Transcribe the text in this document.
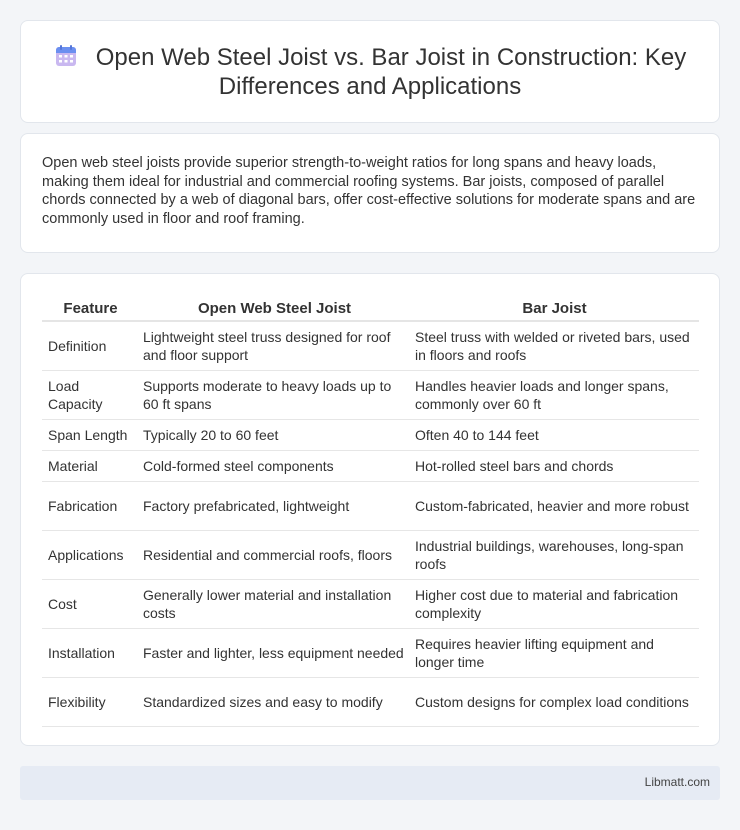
Open Web Steel Joist vs. Bar Joist in Construction: Key Differences and Applications

Open web steel joists provide superior strength-to-weight ratios for long spans and heavy loads, making them ideal for industrial and commercial roofing systems. Bar joists, composed of parallel chords connected by a web of diagonal bars, offer cost-effective solutions for moderate spans and are commonly used in floor and roof framing.

Feature	Open Web Steel Joist	Bar Joist
Definition	Lightweight steel truss designed for roof and floor support	Steel truss with welded or riveted bars, used in floors and roofs
Load Capacity	Supports moderate to heavy loads up to 60 ft spans	Handles heavier loads and longer spans, commonly over 60 ft
Span Length	Typically 20 to 60 feet	Often 40 to 144 feet
Material	Cold-formed steel components	Hot-rolled steel bars and chords
Fabrication	Factory prefabricated, lightweight	Custom-fabricated, heavier and more robust
Applications	Residential and commercial roofs, floors	Industrial buildings, warehouses, long-span roofs
Cost	Generally lower material and installation costs	Higher cost due to material and fabrication complexity
Installation	Faster and lighter, less equipment needed	Requires heavier lifting equipment and longer time
Flexibility	Standardized sizes and easy to modify	Custom designs for complex load conditions
Libmatt.com
